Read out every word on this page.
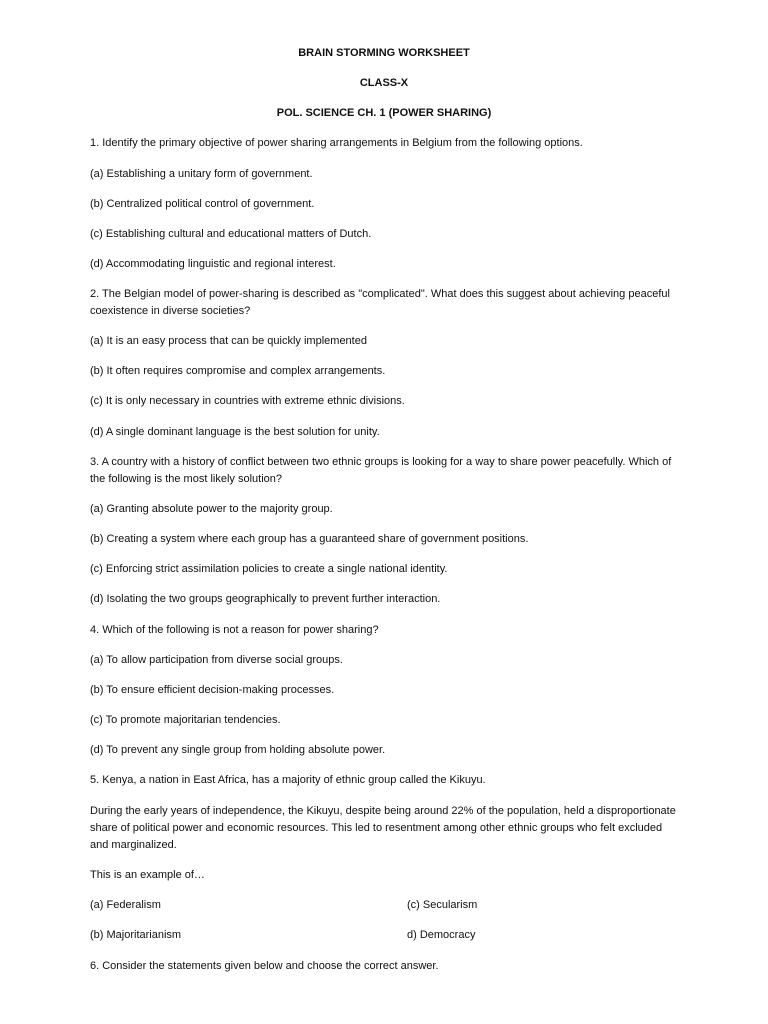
BRAIN STORMING WORKSHEET

CLASS-X

POL. SCIENCE CH. 1 (POWER SHARING)

1. Identify the primary objective of power sharing arrangements in Belgium from the following options.

(a) Establishing a unitary form of government.

(b) Centralized political control of government.

(c) Establishing cultural and educational matters of Dutch.

(d) Accommodating linguistic and regional interest.

2. The Belgian model of power-sharing is described as "complicated". What does this suggest about achieving peaceful coexistence in diverse societies?

(a) It is an easy process that can be quickly implemented

(b) It often requires compromise and complex arrangements.

(c) It is only necessary in countries with extreme ethnic divisions.

(d) A single dominant language is the best solution for unity.

3. A country with a history of conflict between two ethnic groups is looking for a way to share power peacefully. Which of the following is the most likely solution?

(a) Granting absolute power to the majority group.

(b) Creating a system where each group has a guaranteed share of government positions.

(c) Enforcing strict assimilation policies to create a single national identity.

(d) Isolating the two groups geographically to prevent further interaction.

4. Which of the following is not a reason for power sharing?

(a) To allow participation from diverse social groups.

(b) To ensure efficient decision-making processes.

(c) To promote majoritarian tendencies.

(d) To prevent any single group from holding absolute power.

5. Kenya, a nation in East Africa, has a majority of ethnic group called the Kikuyu.

During the early years of independence, the Kikuyu, despite being around 22% of the population, held a disproportionate share of political power and economic resources. This led to resentment among other ethnic groups who felt excluded and marginalized.

This is an example of…

(a) Federalism	(c) Secularism

(b) Majoritarianism	d) Democracy

6. Consider the statements given below and choose the correct answer.
